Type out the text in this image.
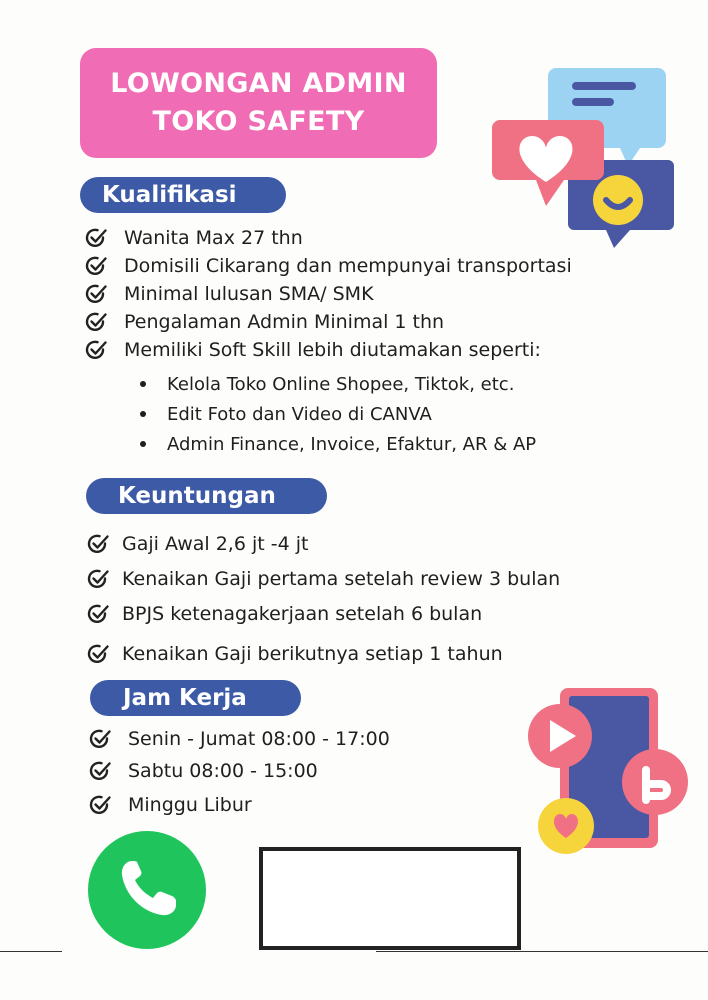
LOWONGAN ADMIN
TOKO SAFETY
Kualifikasi
Wanita Max 27 thn
Domisili Cikarang dan mempunyai transportasi
Minimal lulusan SMA/ SMK
Pengalaman Admin Minimal 1 thn
Memiliki Soft Skill lebih diutamakan seperti:
Kelola Toko Online Shopee, Tiktok, etc.
Edit Foto dan Video di CANVA
Admin Finance, Invoice, Efaktur, AR & AP
Keuntungan
Gaji Awal 2,6 jt -4 jt
Kenaikan Gaji pertama setelah review 3 bulan
BPJS ketenagakerjaan setelah 6 bulan
Kenaikan Gaji berikutnya setiap 1 tahun
Jam Kerja
Senin - Jumat 08:00 - 17:00
Sabtu 08:00 - 15:00
Minggu Libur
